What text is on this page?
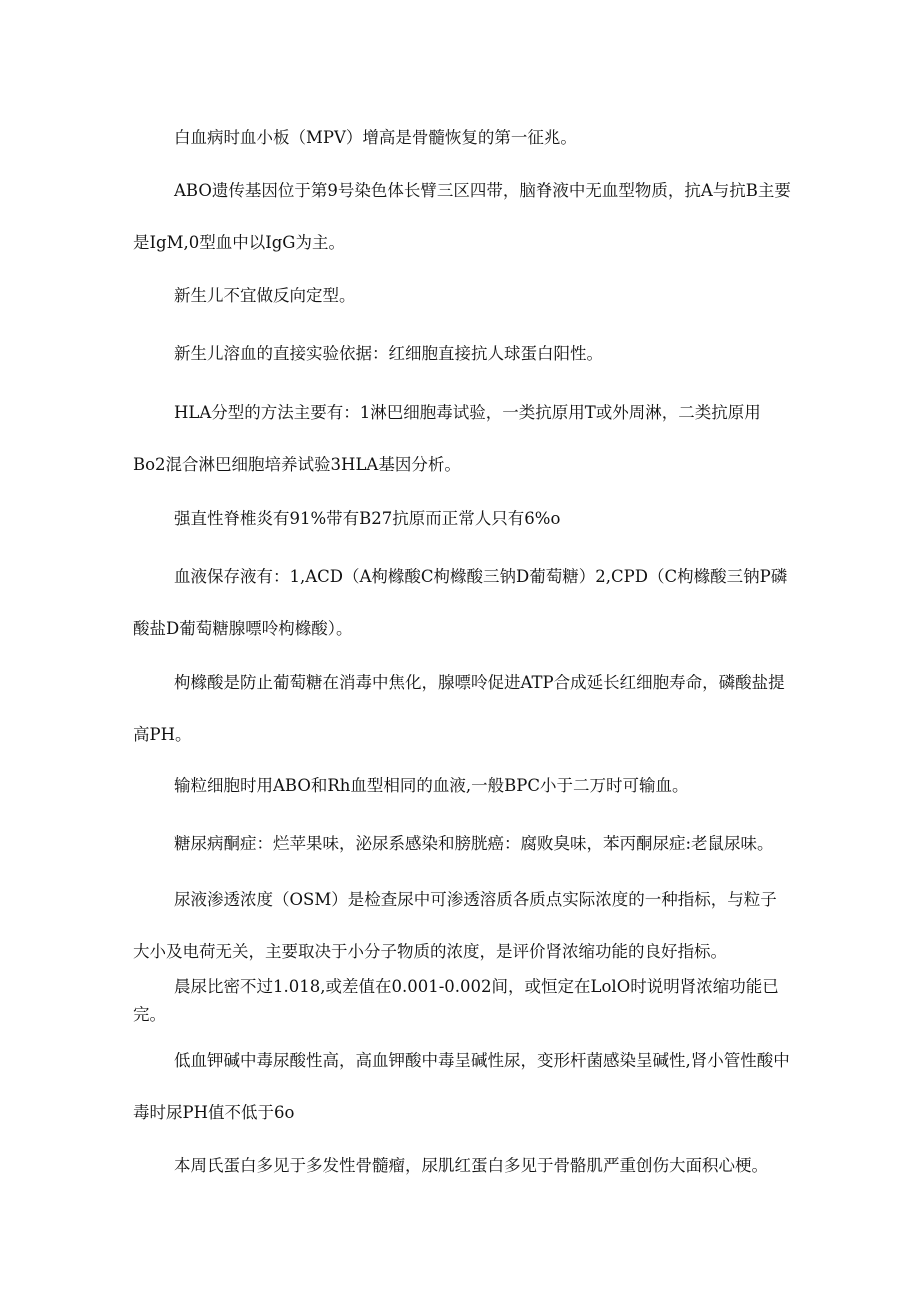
白血病时血小板（MPV）增高是骨髓恢复的第一征兆。

ABO遗传基因位于第9号染色体长臂三区四带，脑脊液中无血型物质，抗A与抗B主要是IgM,0型血中以IgG为主。

新生儿不宜做反向定型。

新生儿溶血的直接实验依据：红细胞直接抗人球蛋白阳性。

HLA分型的方法主要有：1淋巴细胞毒试验，一类抗原用T或外周淋，二类抗原用Bo2混合淋巴细胞培养试验3HLA基因分析。

强直性脊椎炎有91%带有B27抗原而正常人只有6%o

血液保存液有：1,ACD（A枸橼酸C枸橼酸三钠D葡萄糖）2,CPD（C枸橼酸三钠P磷酸盐D葡萄糖腺嘌呤枸橼酸）。

枸橼酸是防止葡萄糖在消毒中焦化，腺嘌呤促进ATP合成延长红细胞寿命，磷酸盐提高PH。

输粒细胞时用ABO和Rh血型相同的血液,一般BPC小于二万时可输血。

糖尿病酮症：烂苹果味，泌尿系感染和膀胱癌：腐败臭味，苯丙酮尿症:老鼠尿味。

尿液渗透浓度（OSM）是检查尿中可渗透溶质各质点实际浓度的一种指标，与粒子大小及电荷无关，主要取决于小分子物质的浓度，是评价肾浓缩功能的良好指标。

晨尿比密不过1.018,或差值在0.001-0.002间，或恒定在LolO时说明肾浓缩功能已完。

低血钾碱中毒尿酸性高，高血钾酸中毒呈碱性尿，变形杆菌感染呈碱性,肾小管性酸中毒时尿PH值不低于6o

本周氏蛋白多见于多发性骨髓瘤，尿肌红蛋白多见于骨骼肌严重创伤大面积心梗。
